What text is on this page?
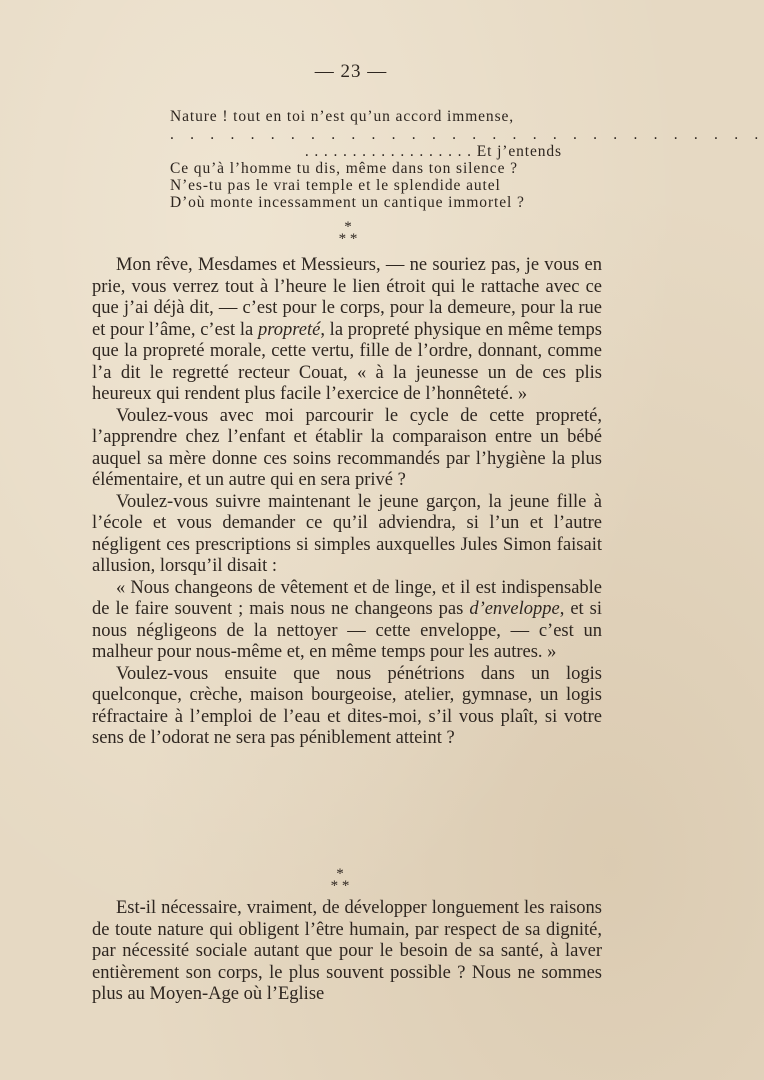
— 23 —
Nature ! tout en toi n’est qu’un accord immense,
. . . . . . . . . . . . . . . . . . . . . . . . . . . . . .
. . . . . . . . . . . . . . . . . . Et j’entends
Ce qu’à l’homme tu dis, même dans ton silence ?
N’es-tu pas le vrai temple et le splendide autel
D’où monte incessamment un cantique immortel ?
*
* *

Mon rêve, Mesdames et Messieurs, — ne souriez pas, je vous en prie, vous verrez tout à l’heure le lien étroit qui le rattache avec ce que j’ai déjà dit, — c’est pour le corps, pour la demeure, pour la rue et pour l’âme, c’est la propreté, la propreté physique en même temps que la propreté morale, cette vertu, fille de l’ordre, donnant, comme l’a dit le regretté recteur Couat, « à la jeunesse un de ces plis heureux qui rendent plus facile l’exercice de l’honnêteté. »

Voulez-vous avec moi parcourir le cycle de cette propreté, l’apprendre chez l’enfant et établir la comparaison entre un bébé auquel sa mère donne ces soins recommandés par l’hygiène la plus élémentaire, et un autre qui en sera privé ?

Voulez-vous suivre maintenant le jeune garçon, la jeune fille à l’école et vous demander ce qu’il adviendra, si l’un et l’autre négligent ces prescriptions si simples auxquelles Jules Simon faisait allusion, lorsqu’il disait :

« Nous changeons de vêtement et de linge, et il est indispensable de le faire souvent ; mais nous ne changeons pas d’enveloppe, et si nous négligeons de la nettoyer — cette enveloppe, — c’est un malheur pour nous-même et, en même temps pour les autres. »

Voulez-vous ensuite que nous pénétrions dans un logis quelconque, crèche, maison bourgeoise, atelier, gymnase, un logis réfractaire à l’emploi de l’eau et dites-moi, s’il vous plaît, si votre sens de l’odorat ne sera pas péniblement atteint ?

*
* *

Est-il nécessaire, vraiment, de développer longuement les raisons de toute nature qui obligent l’être humain, par respect de sa dignité, par nécessité sociale autant que pour le besoin de sa santé, à laver entièrement son corps, le plus souvent possible ? Nous ne sommes plus au Moyen-Age où l’Eglise
